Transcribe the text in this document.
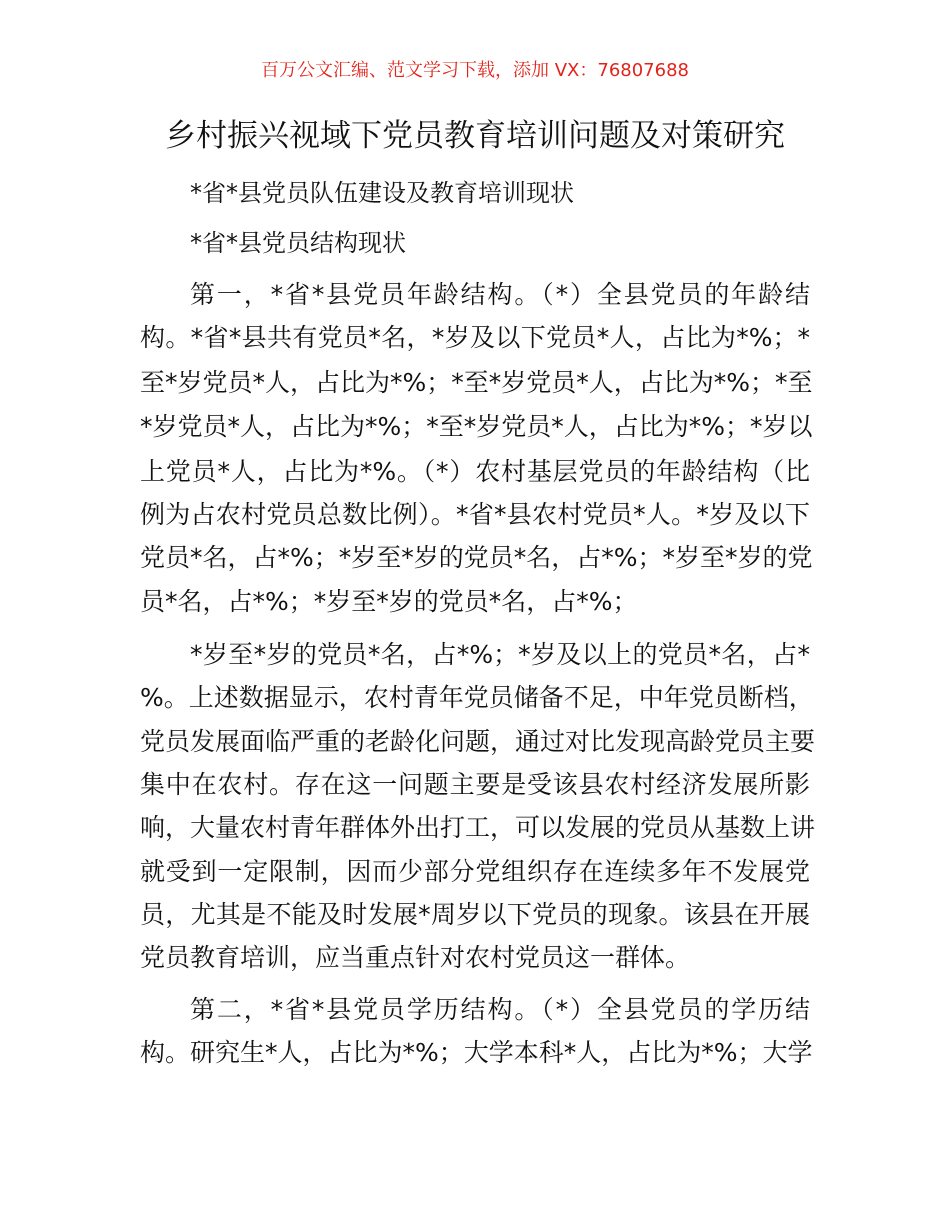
百万公文汇编、范文学习下载，添加 VX：76807688
乡村振兴视域下党员教育培训问题及对策研究
*省*县党员队伍建设及教育培训现状
*省*县党员结构现状
第一，*省*县党员年龄结构。（*）全县党员的年龄结
构。*省*县共有党员*名，*岁及以下党员*人，占比为*%；*
至*岁党员*人，占比为*%；*至*岁党员*人，占比为*%；*至
*岁党员*人，占比为*%；*至*岁党员*人，占比为*%；*岁以
上党员*人，占比为*%。（*）农村基层党员的年龄结构（比
例为占农村党员总数比例）。*省*县农村党员*人。*岁及以下
党员*名，占*%；*岁至*岁的党员*名，占*%；*岁至*岁的党
员*名，占*%；*岁至*岁的党员*名，占*%；
*岁至*岁的党员*名，占*%；*岁及以上的党员*名，占*
%。上述数据显示，农村青年党员储备不足，中年党员断档，
党员发展面临严重的老龄化问题，通过对比发现高龄党员主要
集中在农村。存在这一问题主要是受该县农村经济发展所影
响，大量农村青年群体外出打工，可以发展的党员从基数上讲
就受到一定限制，因而少部分党组织存在连续多年不发展党
员，尤其是不能及时发展*周岁以下党员的现象。该县在开展
党员教育培训，应当重点针对农村党员这一群体。
第二，*省*县党员学历结构。（*）全县党员的学历结
构。研究生*人，占比为*%；大学本科*人，占比为*%；大学
